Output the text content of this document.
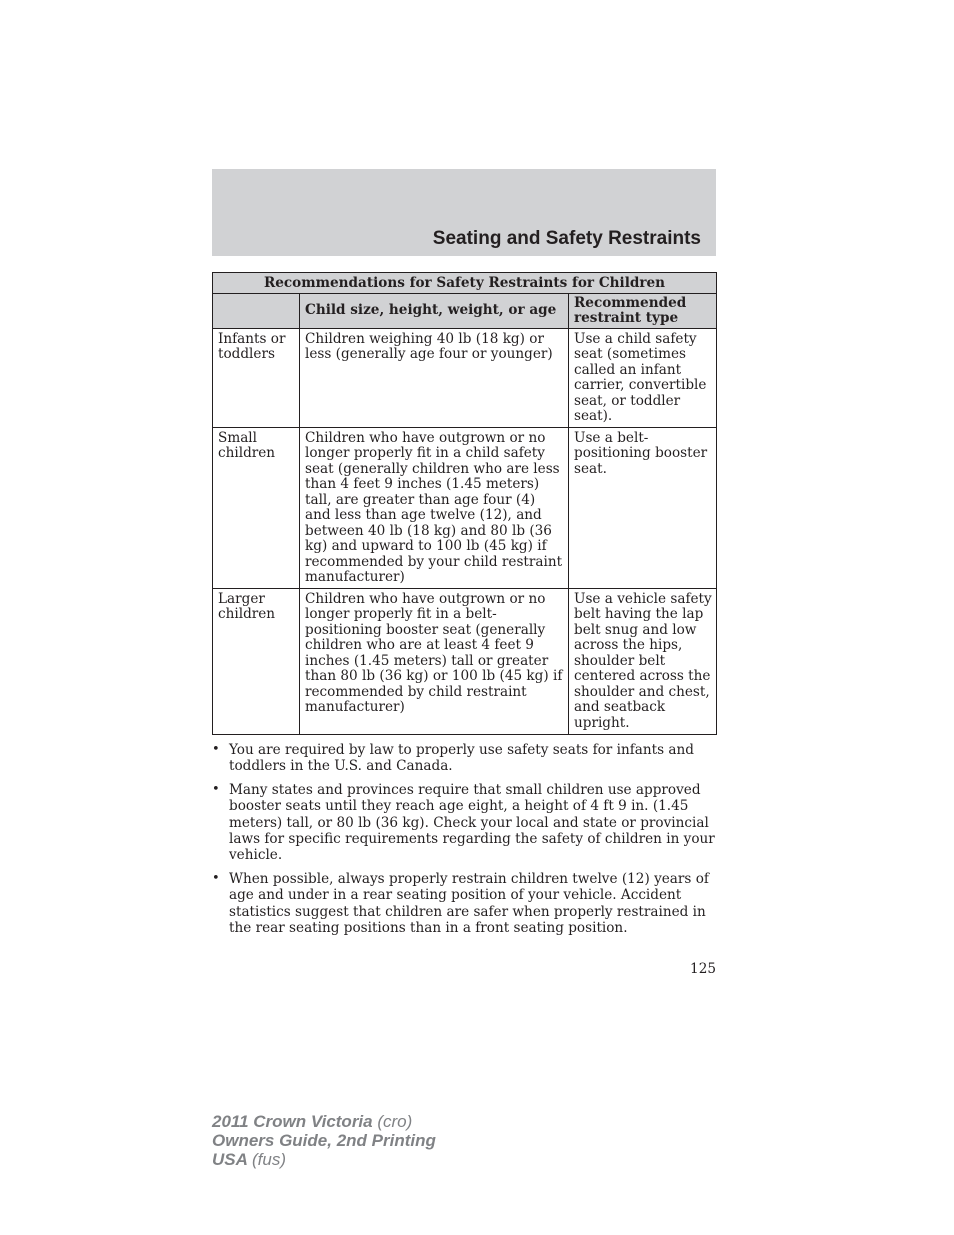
Seating and Safety Restraints
Recommendations for Safety Restraints for Children		
	Child size, height, weight, or age	Recommended restraint type
Infants or toddlers	Children weighing 40 lb (18 kg) or less (generally age four or younger)	Use a child safety seat (sometimes called an infant carrier, convertible seat, or toddler seat).
Small children	Children who have outgrown or no longer properly fit in a child safety seat (generally children who are less than 4 feet 9 inches (1.45 meters) tall, are greater than age four (4) and less than age twelve (12), and between 40 lb (18 kg) and 80 lb (36 kg) and upward to 100 lb (45 kg) if recommended by your child restraint manufacturer)	Use a belt-positioning booster seat.
Larger children	Children who have outgrown or no longer properly fit in a belt-positioning booster seat (generally children who are at least 4 feet 9 inches (1.45 meters) tall or greater than 80 lb (36 kg) or 100 lb (45 kg) if recommended by child restraint manufacturer)	Use a vehicle safety belt having the lap belt snug and low across the hips, shoulder belt centered across the shoulder and chest, and seatback upright.
• You are required by law to properly use safety seats for infants and toddlers in the U.S. and Canada.
• Many states and provinces require that small children use approved booster seats until they reach age eight, a height of 4 ft 9 in. (1.45 meters) tall, or 80 lb (36 kg). Check your local and state or provincial laws for specific requirements regarding the safety of children in your vehicle.
• When possible, always properly restrain children twelve (12) years of age and under in a rear seating position of your vehicle. Accident statistics suggest that children are safer when properly restrained in the rear seating positions than in a front seating position.
125
2011 Crown Victoria (cro)
Owners Guide, 2nd Printing
USA (fus)
